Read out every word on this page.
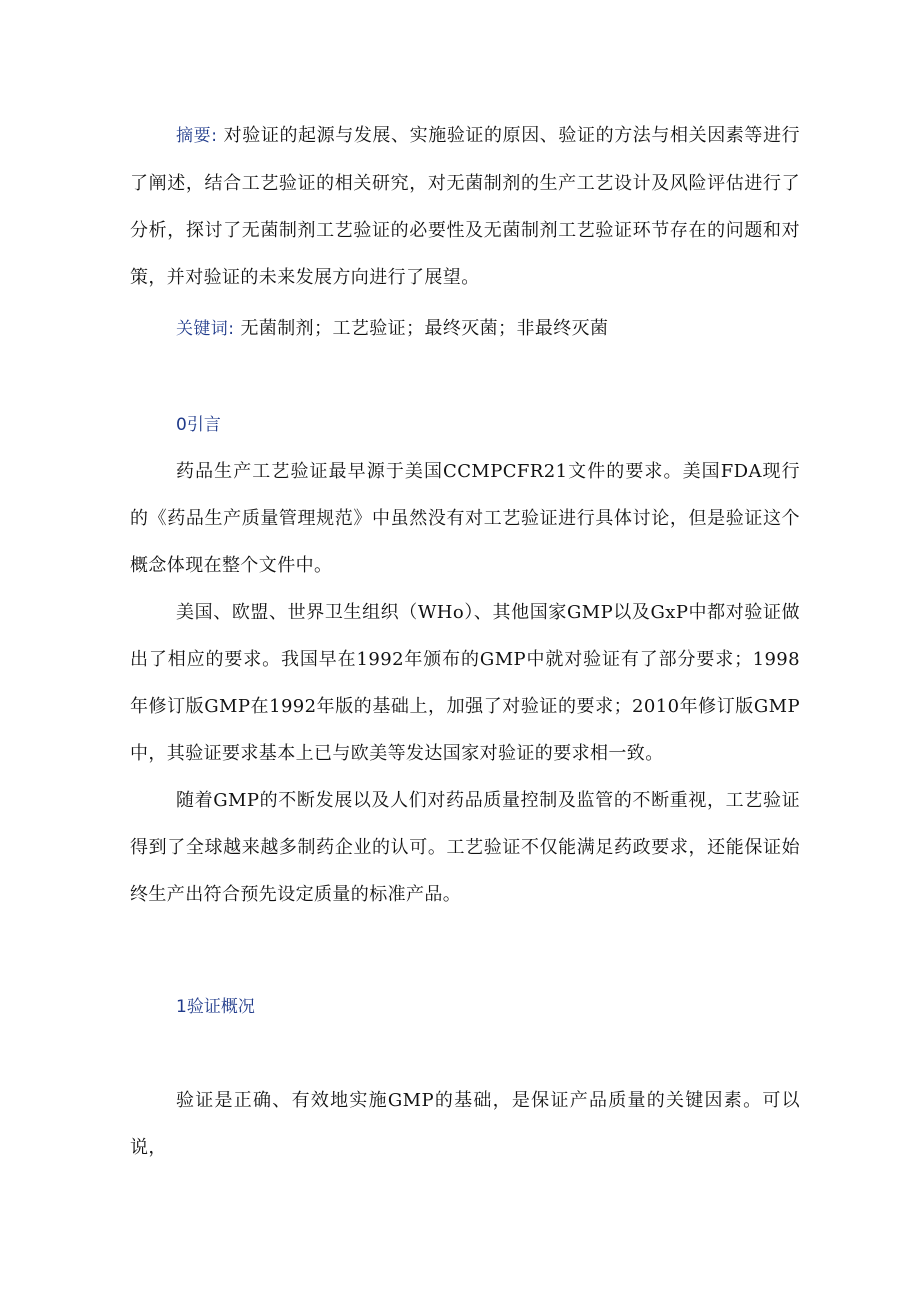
摘要: 对验证的起源与发展、实施验证的原因、验证的方法与相关因素等进行了阐述，结合工艺验证的相关研究，对无菌制剂的生产工艺设计及风险评估进行了分析，探讨了无菌制剂工艺验证的必要性及无菌制剂工艺验证环节存在的问题和对策，并对验证的未来发展方向进行了展望。

关键词: 无菌制剂；工艺验证；最终灭菌；非最终灭菌

0引言

药品生产工艺验证最早源于美国CCMPCFR21文件的要求。美国FDA现行的《药品生产质量管理规范》中虽然没有对工艺验证进行具体讨论，但是验证这个概念体现在整个文件中。

美国、欧盟、世界卫生组织（WHo）、其他国家GMP以及GxP中都对验证做出了相应的要求。我国早在1992年颁布的GMP中就对验证有了部分要求；1998年修订版GMP在1992年版的基础上，加强了对验证的要求；2010年修订版GMP中，其验证要求基本上已与欧美等发达国家对验证的要求相一致。

随着GMP的不断发展以及人们对药品质量控制及监管的不断重视，工艺验证得到了全球越来越多制药企业的认可。工艺验证不仅能满足药政要求，还能保证始终生产出符合预先设定质量的标准产品。

1验证概况

验证是正确、有效地实施GMP的基础，是保证产品质量的关键因素。可以说，
